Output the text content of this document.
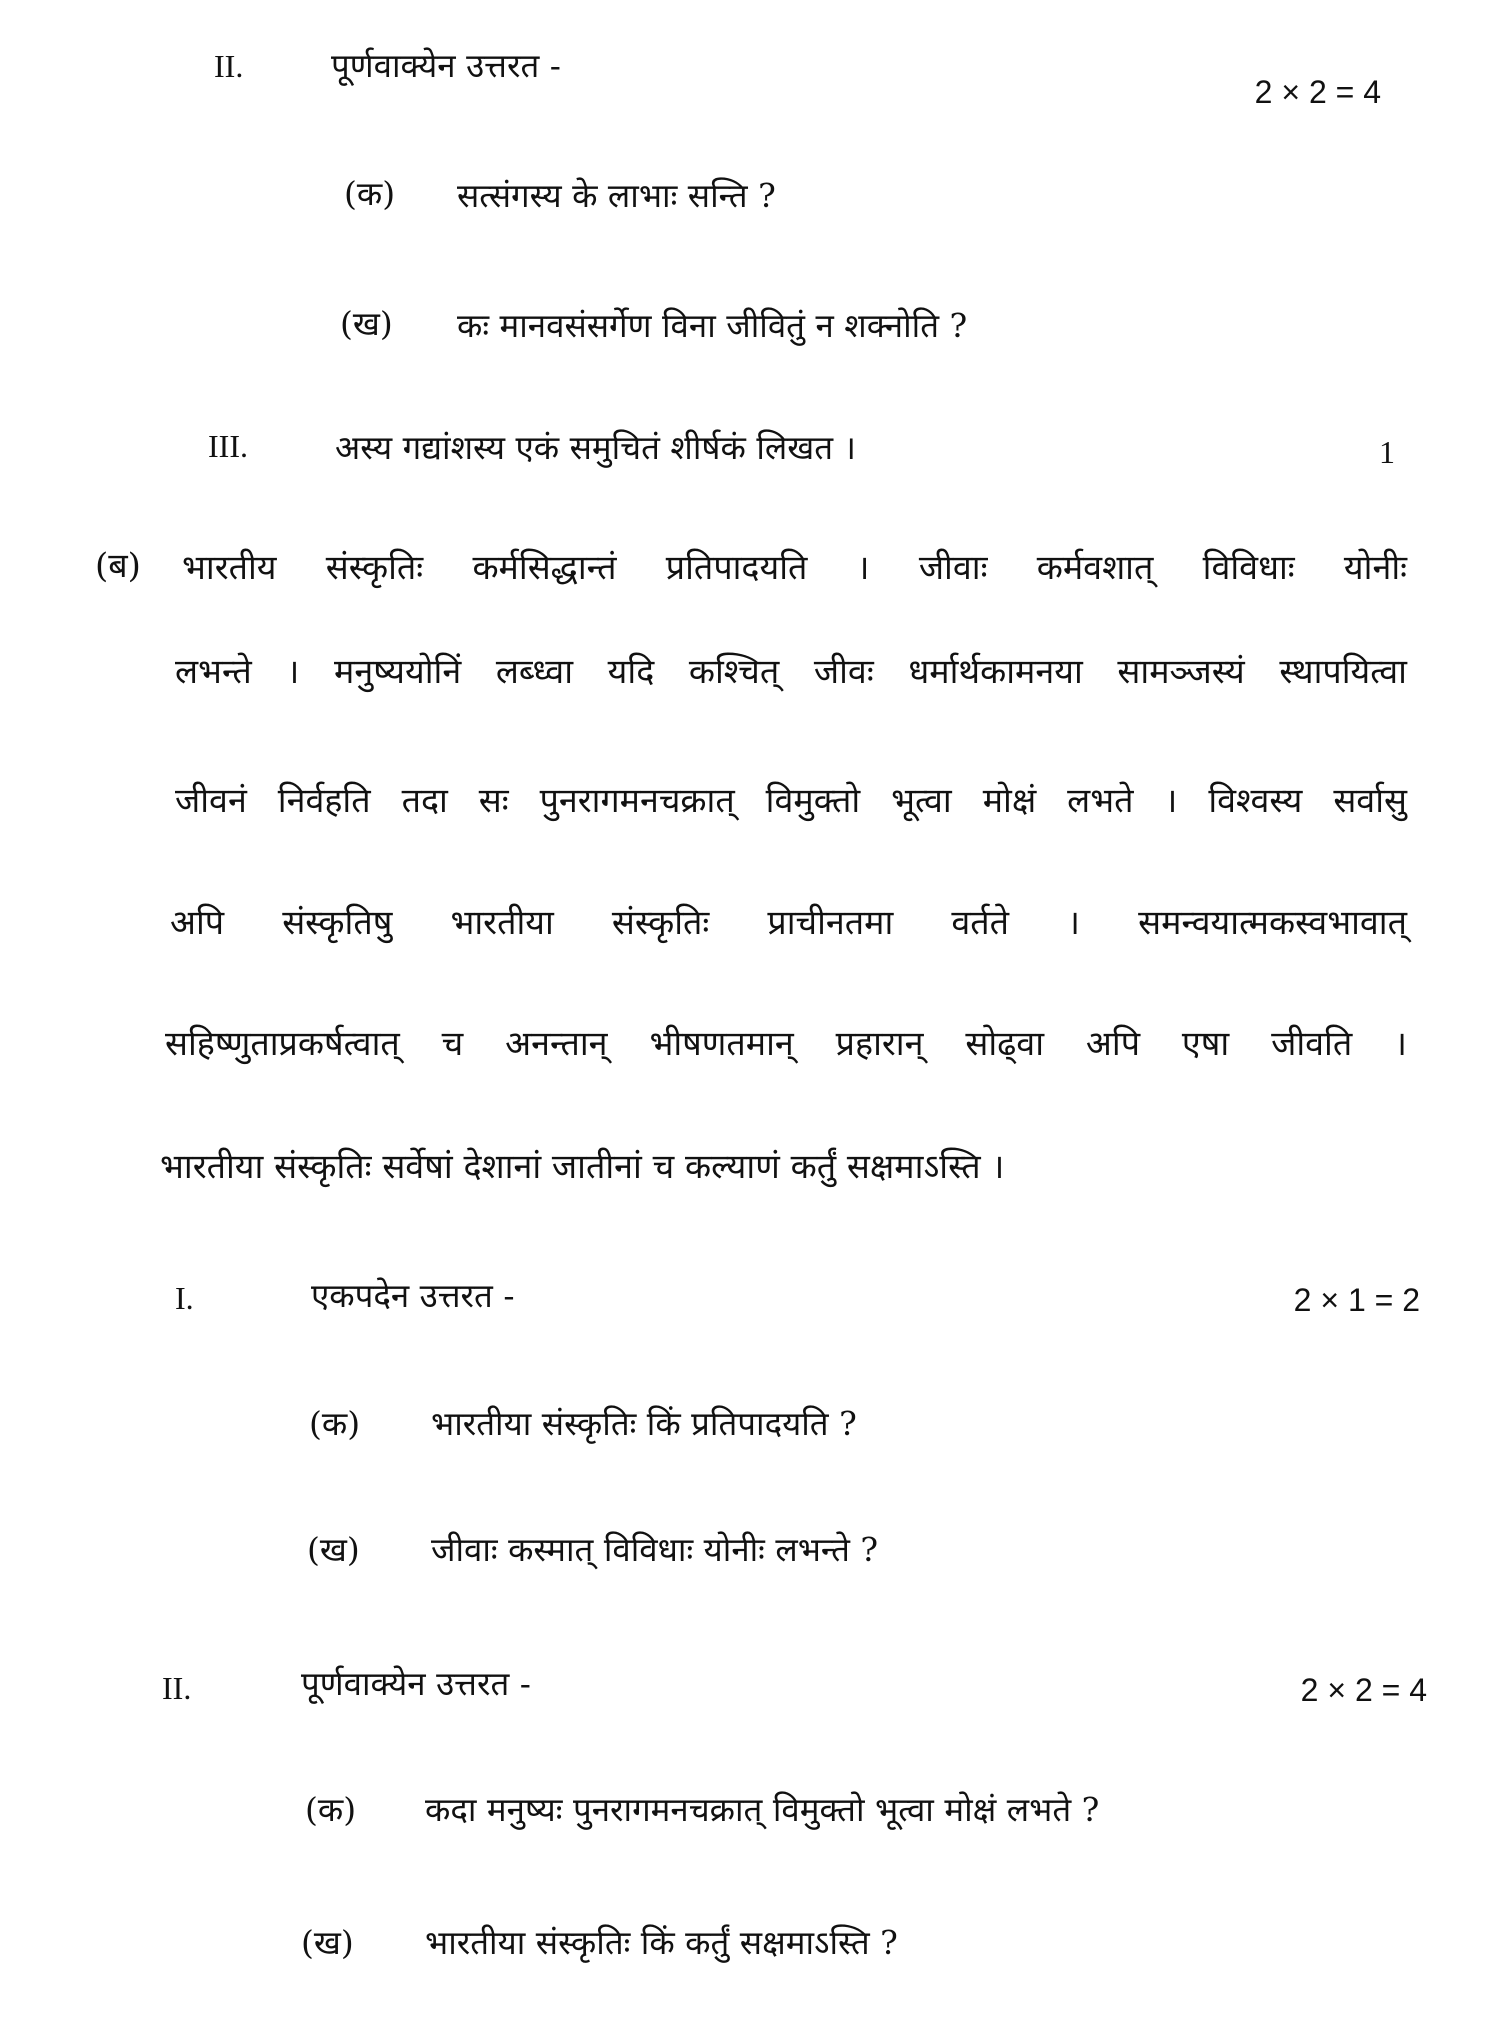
II.	पूर्णवाक्येन उत्तरत -
2 × 2 = 4
(क) सत्संगस्य के लाभाः सन्ति ?
(ख) कः मानवसंसर्गेण विना जीवितुं न शक्नोति ?
III.	अस्य गद्यांशस्य एकं समुचितं शीर्षकं लिखत ।	1
(ब) भारतीय संस्कृतिः कर्मसिद्धान्तं प्रतिपादयति । जीवाः कर्मवशात् विविधाः योनीः
लभन्ते । मनुष्ययोनिं लब्ध्वा यदि कश्चित् जीवः धर्मार्थकामनया सामञ्जस्यं स्थापयित्वा
जीवनं निर्वहति तदा सः पुनरागमनचक्रात् विमुक्तो भूत्वा मोक्षं लभते । विश्वस्य सर्वासु
अपि संस्कृतिषु भारतीया संस्कृतिः प्राचीनतमा वर्तते । समन्वयात्मकस्वभावात्
सहिष्णुताप्रकर्षत्वात् च अनन्तान् भीषणतमान् प्रहारान् सोढ्वा अपि एषा जीवति ।
भारतीया संस्कृतिः सर्वेषां देशानां जातीनां च कल्याणं कर्तुं सक्षमाऽस्ति ।
I.	एकपदेन उत्तरत -	2 × 1 = 2
(क) भारतीया संस्कृतिः किं प्रतिपादयति ?
(ख) जीवाः कस्मात् विविधाः योनीः लभन्ते ?
II.	पूर्णवाक्येन उत्तरत -	2 × 2 = 4
(क) कदा मनुष्यः पुनरागमनचक्रात् विमुक्तो भूत्वा मोक्षं लभते ?
(ख) भारतीया संस्कृतिः किं कर्तुं सक्षमाऽस्ति ?
